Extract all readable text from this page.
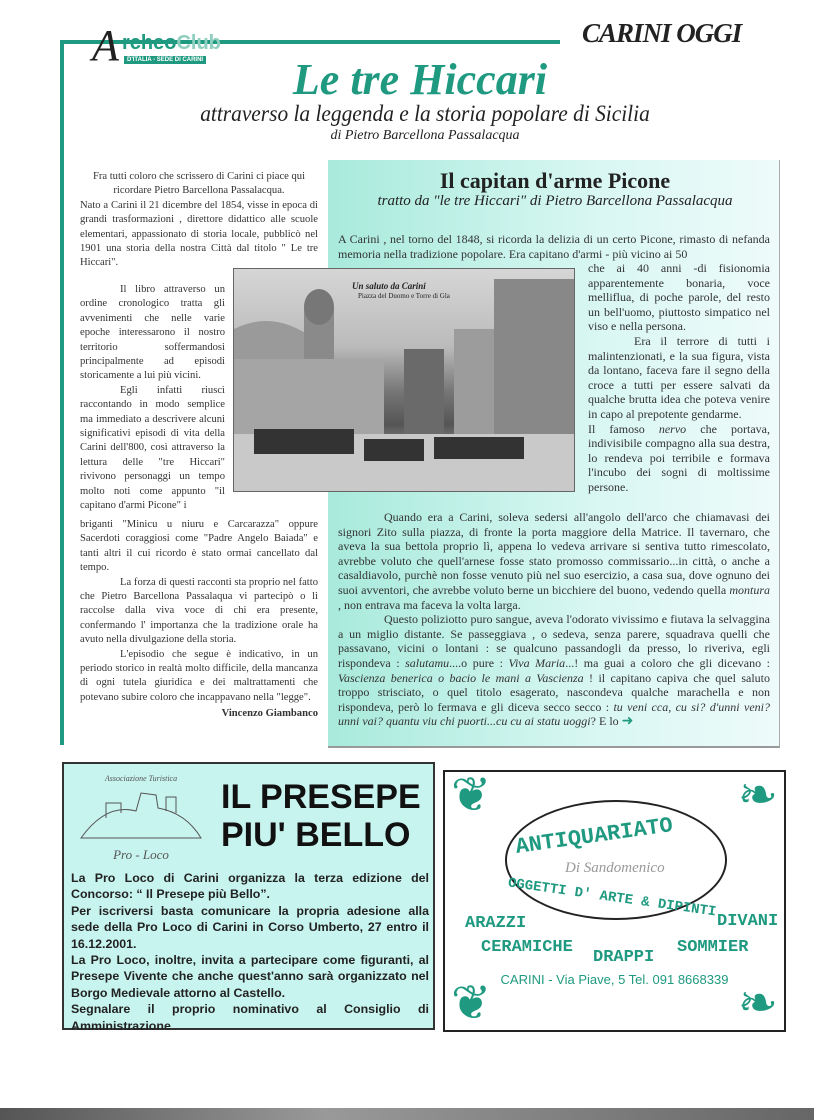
A rcheoClub
D'ITALIA - SEDE DI CARINI
CARINI OGGI
Le tre Hiccari
attraverso la leggenda e la storia popolare di Sicilia
di Pietro Barcellona Passalacqua

Fra tutti coloro che scrissero di Carini ci piace qui ricordare Pietro Barcellona Passalacqua.

Nato a Carini il 21 dicembre del 1854, visse in epoca di grandi trasformazioni , direttore didattico alle scuole elementari, appassionato di storia locale, pubblicò nel 1901 una storia della nostra Città dal titolo " Le tre Hiccari".

Il libro attraverso un ordine cronologico tratta gli avvenimenti che nelle varie epoche interessarono il nostro territorio soffermandosi principalmente ad episodi storicamente a lui più vicini.

Egli infatti riuscì raccontando in modo semplice ma immediato a descrivere alcuni significativi episodi di vita della Carini dell'800, così attraverso la lettura delle "tre Hiccari" rivivono personaggi un tempo molto noti come appunto "il capitano d'armi Picone" i

briganti "Minicu u niuru e Carcarazza" oppure Sacerdoti coraggiosi come "Padre Angelo Baiada" e tanti altri il cui ricordo è stato ormai cancellato dal tempo.

La forza di questi racconti sta proprio nel fatto che Pietro Barcellona Passalaqua vi partecipò o li raccolse dalla viva voce di chi era presente, confermando l' importanza che la tradizione orale ha avuto nella divulgazione della storia.

L'episodio che segue è indicativo, in un periodo storico in realtà molto difficile, della mancanza di ogni tutela giuridica e dei maltrattamenti che potevano subire coloro che incappavano nella "legge".

Vincenzo Giambanco
Il capitan d'arme Picone
tratto da "le tre Hiccari" di Pietro Barcellona Passalacqua

A Carini , nel torno del 1848, si ricorda la delizia di un certo Picone, rimasto di nefanda memoria nella tradizione popolare. Era capitano d'armi - più vicino ai 50

che ai 40 anni -di fisionomia apparentemente bonaria, voce melliflua, di poche parole, del resto un bell'uomo, piuttosto simpatico nel viso e nella persona.

Era il terrore di tutti i malintenzionati, e la sua figura, vista da lontano, faceva fare il segno della croce a tutti per essere salvati da qualche brutta idea che poteva venire in capo al prepotente gendarme.

Il famoso nervo che portava, indivisibile compagno alla sua destra, lo rendeva poi terribile e formava l'incubo dei sogni di moltissime persone.

Quando era a Carini, soleva sedersi all'angolo dell'arco che chiamavasi dei signori Zito sulla piazza, di fronte la porta maggiore della Matrice. Il tavernaro, che aveva la sua bettola proprio lì, appena lo vedeva arrivare si sentiva tutto rimescolato, avrebbe voluto che quell'arnese fosse stato promosso commissario...in città, o anche a casaldiavolo, purchè non fosse venuto più nel suo esercizio, a casa sua, dove ognuno dei suoi avventori, che avrebbe voluto berne un bicchiere del buono, vedendo quella montura , non entrava ma faceva la volta larga.

Questo poliziotto puro sangue, aveva l'odorato vivissimo e fiutava la selvaggina a un miglio distante. Se passeggiava , o sedeva, senza parere, squadrava quelli che passavano, vicini o lontani : se qualcuno passandogli da presso, lo riveriva, egli rispondeva : salutamu....o pure : Viva Maria...! ma guai a coloro che gli dicevano : Vascienza benerica o bacio le mani a Vascienza ! il capitano capiva che quel saluto troppo strisciato, o quel titolo esagerato, nascondeva qualche marachella e non rispondeva, però lo fermava e gli diceva secco secco : tu veni cca, cu si? d'unni veni? unni vai? quantu viu chi puorti...cu cu ai statu uoggi? E lo ➜

Un saluto da Carini
Piazza del Duomo e Torre di Gla
Associazione Turistica
Pro - Loco
IL PRESEPE
PIU' BELLO
La Pro Loco di Carini organizza la terza edizione del Concorso: “ Il Presepe più Bello”.
Per iscriversi basta comunicare la propria adesione alla sede della Pro Loco di Carini in Corso Umberto, 27 entro il 16.12.2001.
La Pro Loco, inoltre, invita a partecipare come figuranti, al Presepe Vivente che anche quest'anno sarà organizzato nel Borgo Medievale attorno al Castello.
Segnalare il proprio nominativo al Consiglio di Amministrazione
❦	❧
❦	❧
ANTIQUARIATO
Di Sandomenico
OGGETTI D' ARTE & DIPINTI
ARAZZI	DIVANI
CERAMICHE	SOMMIER
DRAPPI
CARINI - Via Piave, 5 Tel. 091 8668339
